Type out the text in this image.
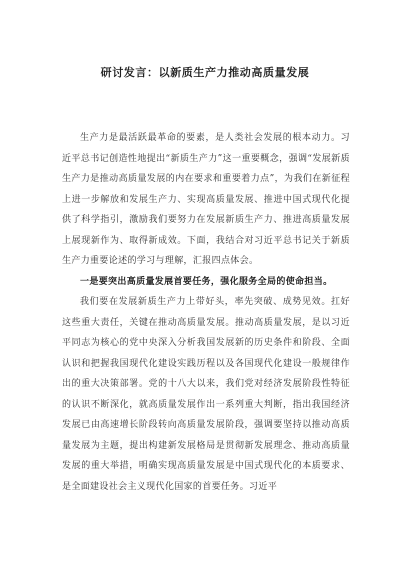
研讨发言：以新质生产力推动高质量发展

生产力是最活跃最革命的要素，是人类社会发展的根本动力。习近平总书记创造性地提出“新质生产力”这一重要概念，强调“发展新质生产力是推动高质量发展的内在要求和重要着力点”，为我们在新征程上进一步解放和发展生产力、实现高质量发展、推进中国式现代化提供了科学指引，激励我们要努力在发展新质生产力、推进高质量发展上展现新作为、取得新成效。下面，我结合对习近平总书记关于新质生产力重要论述的学习与理解，汇报四点体会。

一是要突出高质量发展首要任务，强化服务全局的使命担当。

我们要在发展新质生产力上带好头，率先突破、成势见效。扛好这些重大责任，关键在推动高质量发展。推动高质量发展，是以习近平同志为核心的党中央深入分析我国发展新的历史条件和阶段、全面认识和把握我国现代化建设实践历程以及各国现代化建设一般规律作出的重大决策部署。党的十八大以来，我们党对经济发展阶段性特征的认识不断深化，就高质量发展作出一系列重大判断，指出我国经济发展已由高速增长阶段转向高质量发展阶段，强调要坚持以推动高质量发展为主题，提出构建新发展格局是贯彻新发展理念、推动高质量发展的重大举措，明确实现高质量发展是中国式现代化的本质要求、是全面建设社会主义现代化国家的首要任务。习近平
